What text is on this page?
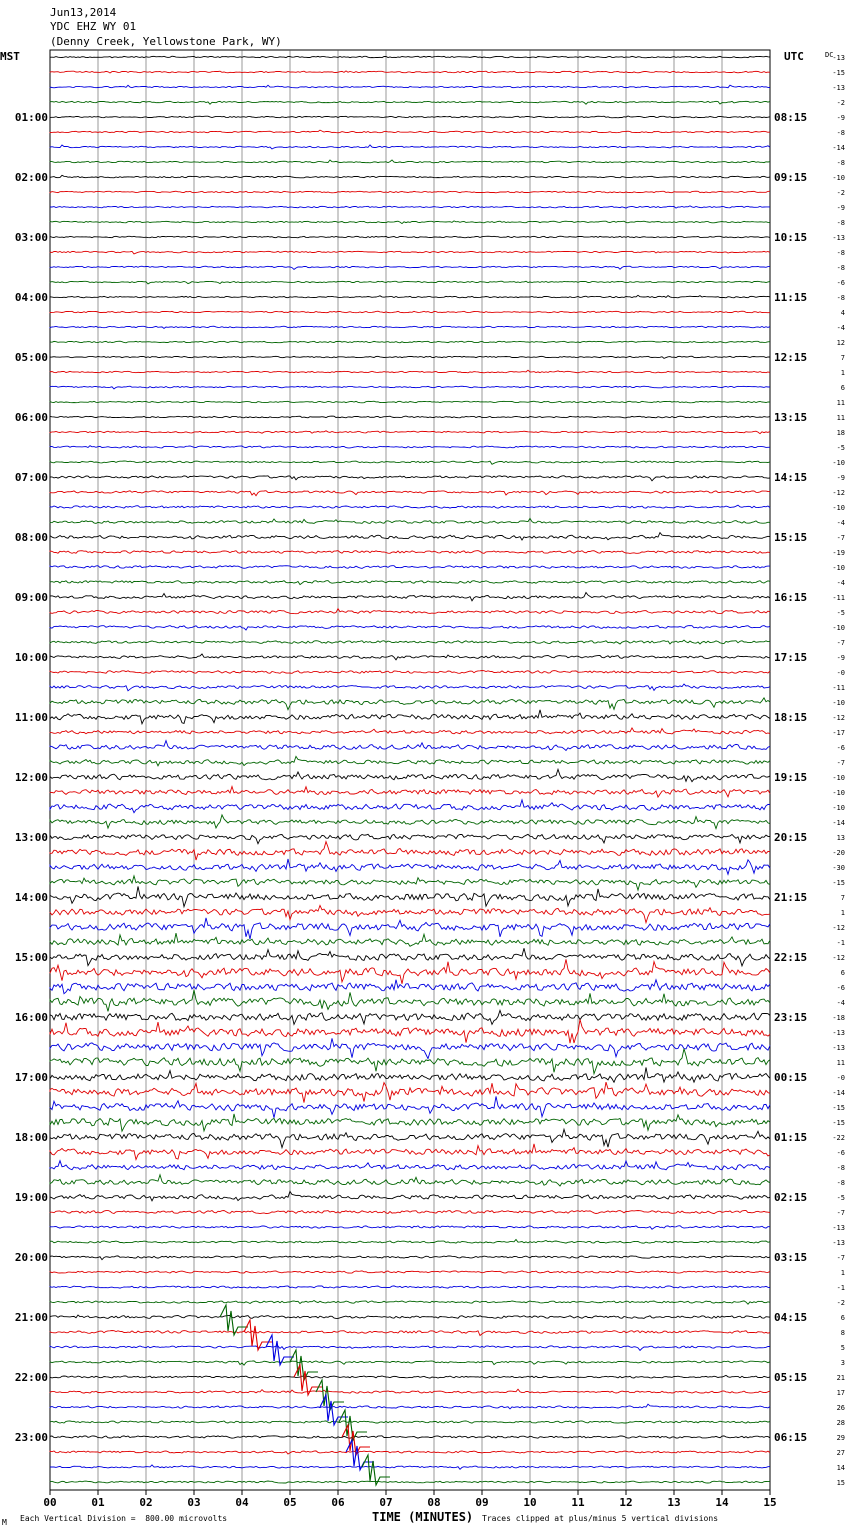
Jun13,2014
YDC EHZ WY 01
(Denny Creek, Yellowstone Park, WY)
00	01	02	03	04	05	06	07	08	09	10	11	12	13	14	15
MST	UTC	DC
-13
-15
-13
-2
01:00	08:15	-9
-8
-14
-8
02:00	09:15	-10
-2
-9
-8
03:00	10:15	-13
-8
-8
-6
04:00	11:15	-8
4
-4
12
05:00	12:15	7
1
6
11
06:00	13:15	11
18
-5
-10
07:00	14:15	-9
-12
-10
-4
08:00	15:15	-7
-19
-10
-4
09:00	16:15	-11
-5
-10
-7
10:00	17:15	-9
-0
-11
-10
11:00	18:15	-12
-17
-6
-7
12:00	19:15	-10
-10
-10
-14
13:00	20:15	13
-20
-30
-15
14:00	21:15	7
1
-12
-1
15:00	22:15	-12
6
-6
-4
16:00	23:15	-18
-13
-13
11
17:00	00:15	-0
-14
-15
-15
18:00	01:15	-22
-6
-8
-8
19:00	02:15	-5
-7
-13
-13
20:00	03:15	-7
1
-1
-2
21:00	04:15	6
8
5
3
22:00	05:15	21
17
26
28
23:00	06:15	29
27
14
15
M Each Vertical Division =  800.00 microvolts	TIME (MINUTES) Traces clipped at plus/minus 5 vertical divisions
